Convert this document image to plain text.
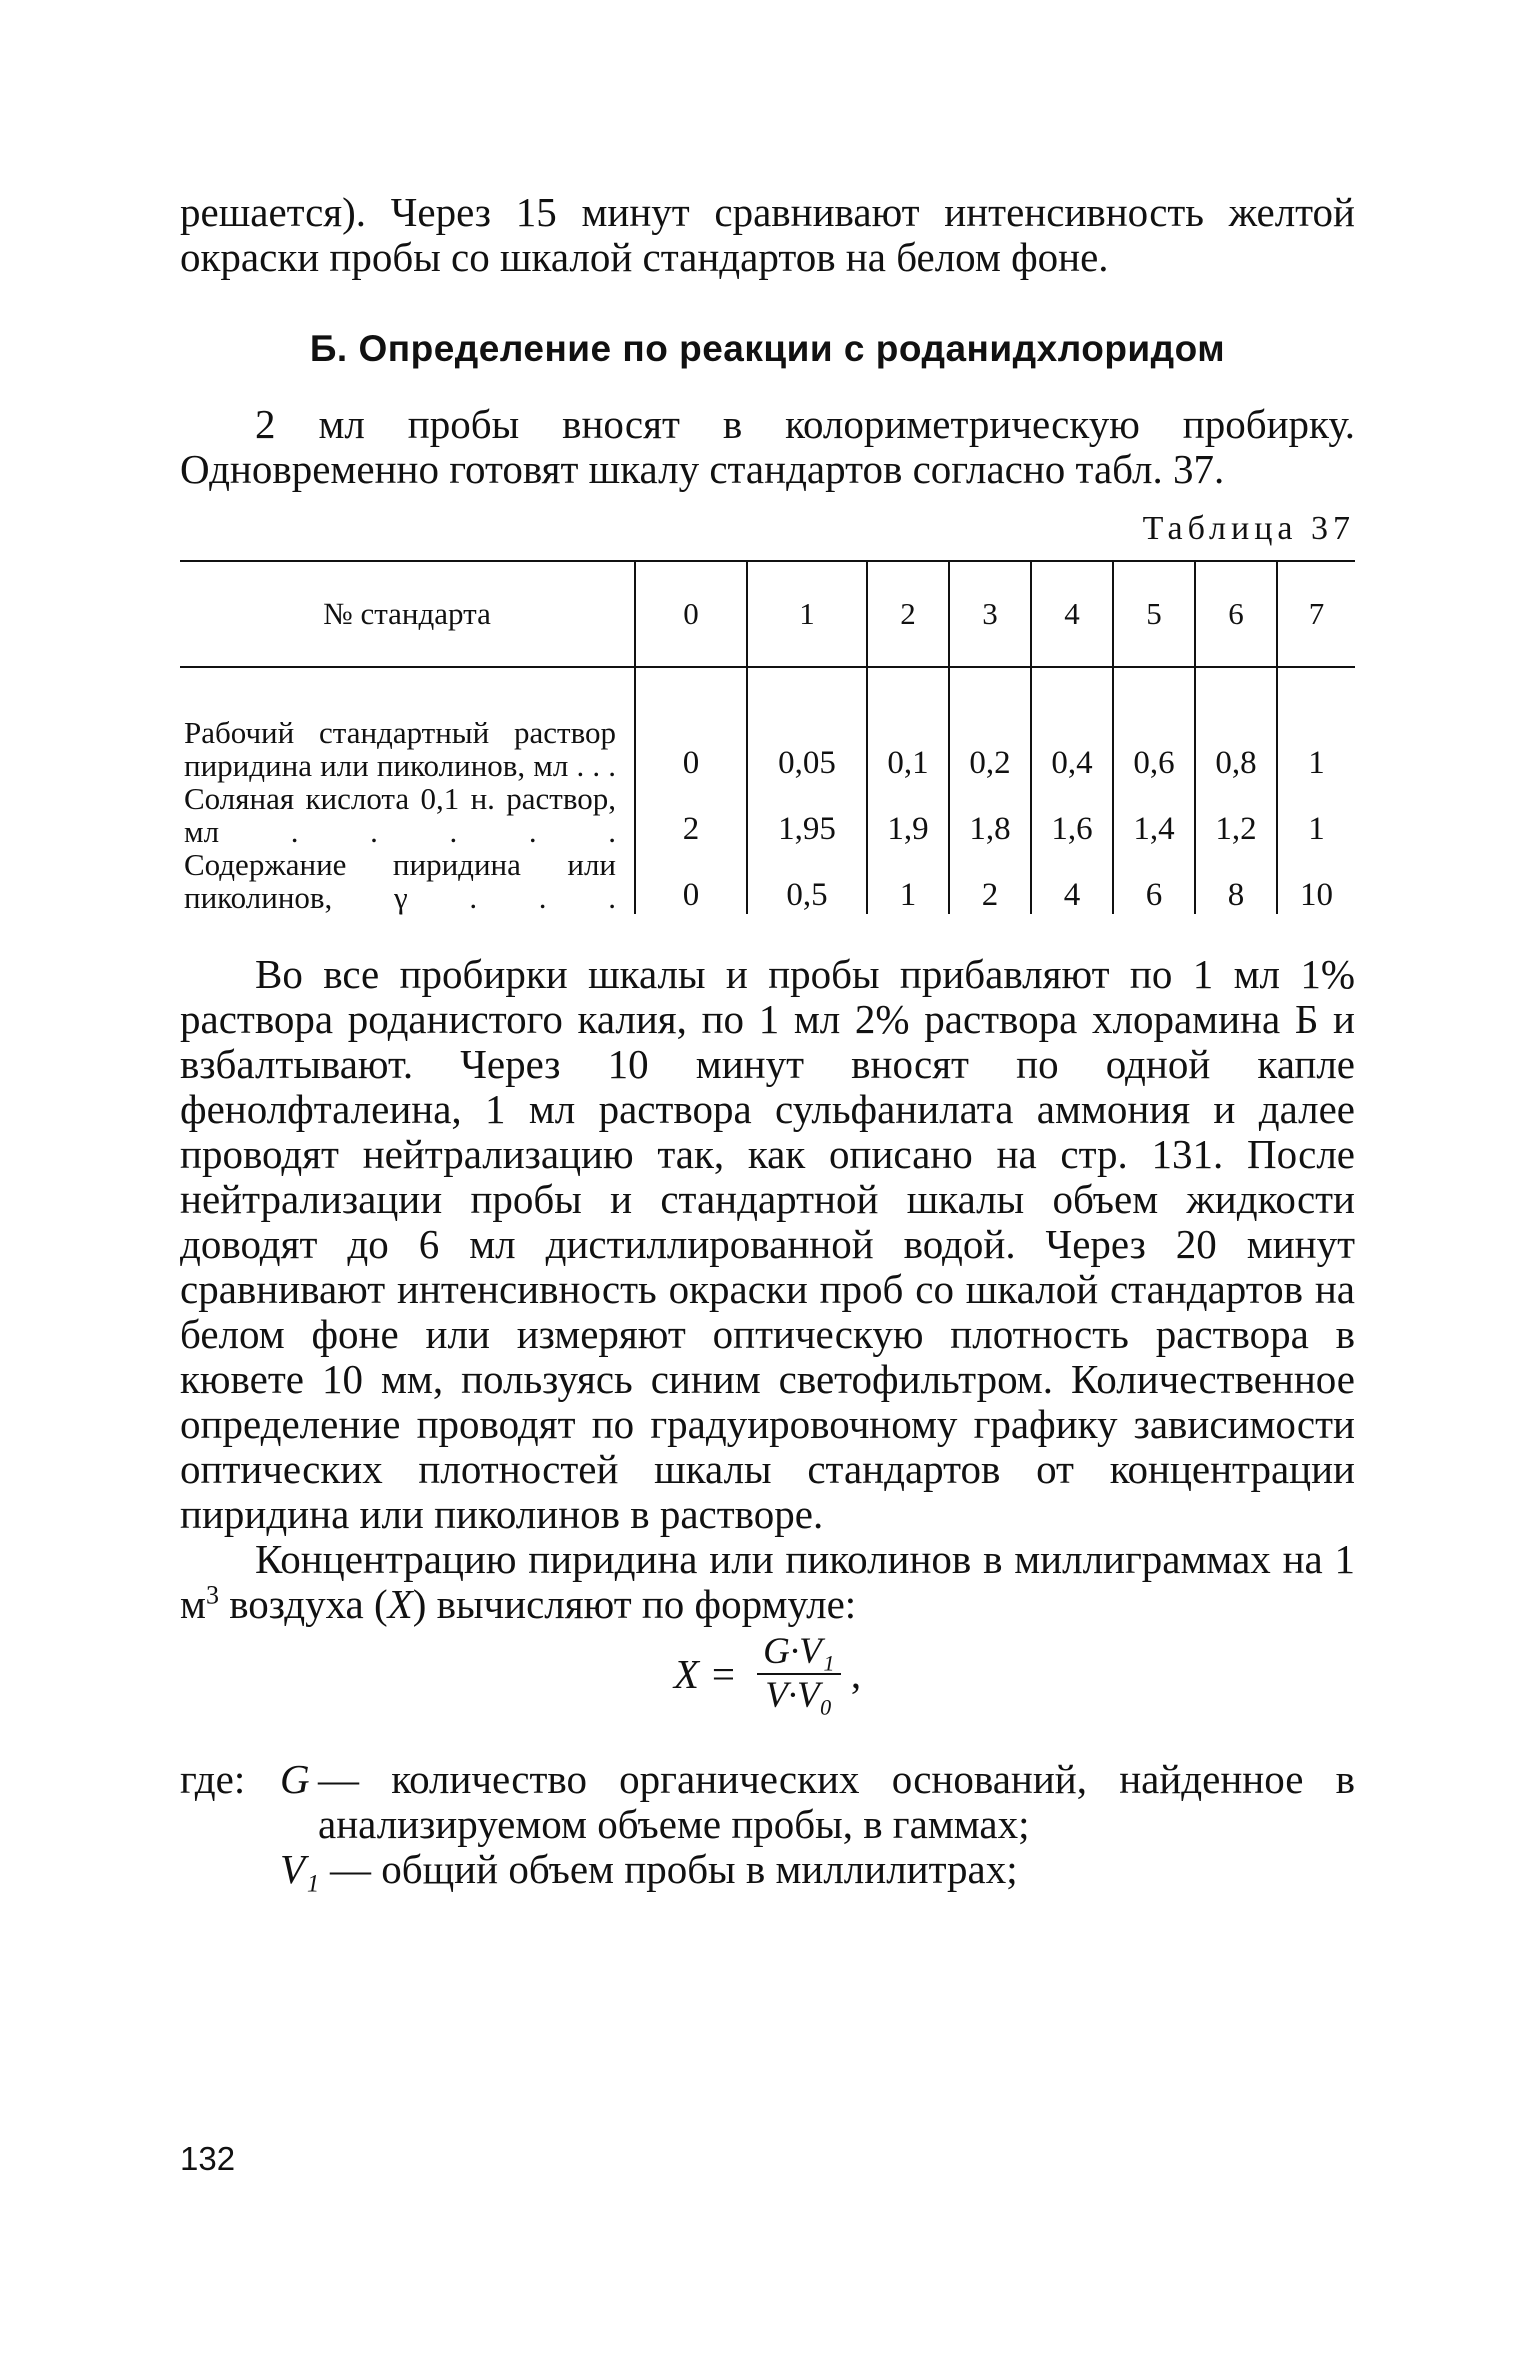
решается). Через 15 минут сравнивают интенсивность желтой окраски пробы со шкалой стандартов на белом фоне.

Б. Определение по реакции с роданидхлоридом

2 мл пробы вносят в колориметрическую пробирку. Одновременно готовят шкалу стандартов согласно табл. 37.

Таблица 37
№ стандарта	0	1	2	3	4	5	6	7

Рабочий стандартный раствор пиридина или пиколинов, мл . . .	0	0,05	0,1	0,2	0,4	0,6	0,8	1
Соляная кислота 0,1 н. раствор, мл . . . . .	2	1,95	1,9	1,8	1,6	1,4	1,2	1
Содержание пиридина или пиколинов, γ . . .	0	0,5	1	2	4	6	8	10

Во все пробирки шкалы и пробы прибавляют по 1 мл 1% раствора роданистого калия, по 1 мл 2% раствора хлорамина Б и взбалтывают. Через 10 минут вносят по одной капле фенолфталеина, 1 мл раствора сульфанилата аммония и далее проводят нейтрализацию так, как описано на стр. 131. После нейтрализации пробы и стандартной шкалы объем жидкости доводят до 6 мл дистиллированной водой. Через 20 минут сравнивают интенсивность окраски проб со шкалой стандартов на белом фоне или измеряют оптическую плотность раствора в кювете 10 мм, пользуясь синим светофильтром. Количественное определение проводят по градуировочному графику зависимости оптических плотностей шкалы стандартов от концентрации пиридина или пиколинов в растворе.

Концентрацию пиридина или пиколинов в миллиграммах на 1 $м^3$ воздуха (X) вычисляют по формуле:

$X = \frac{\text{G·V₁}}{\text{V·V₀}}$ ,
где: G — количество органических оснований, найденное в анализируемом объеме пробы, в гаммах;
V₁ — общий объем пробы в миллилитрах;
132
